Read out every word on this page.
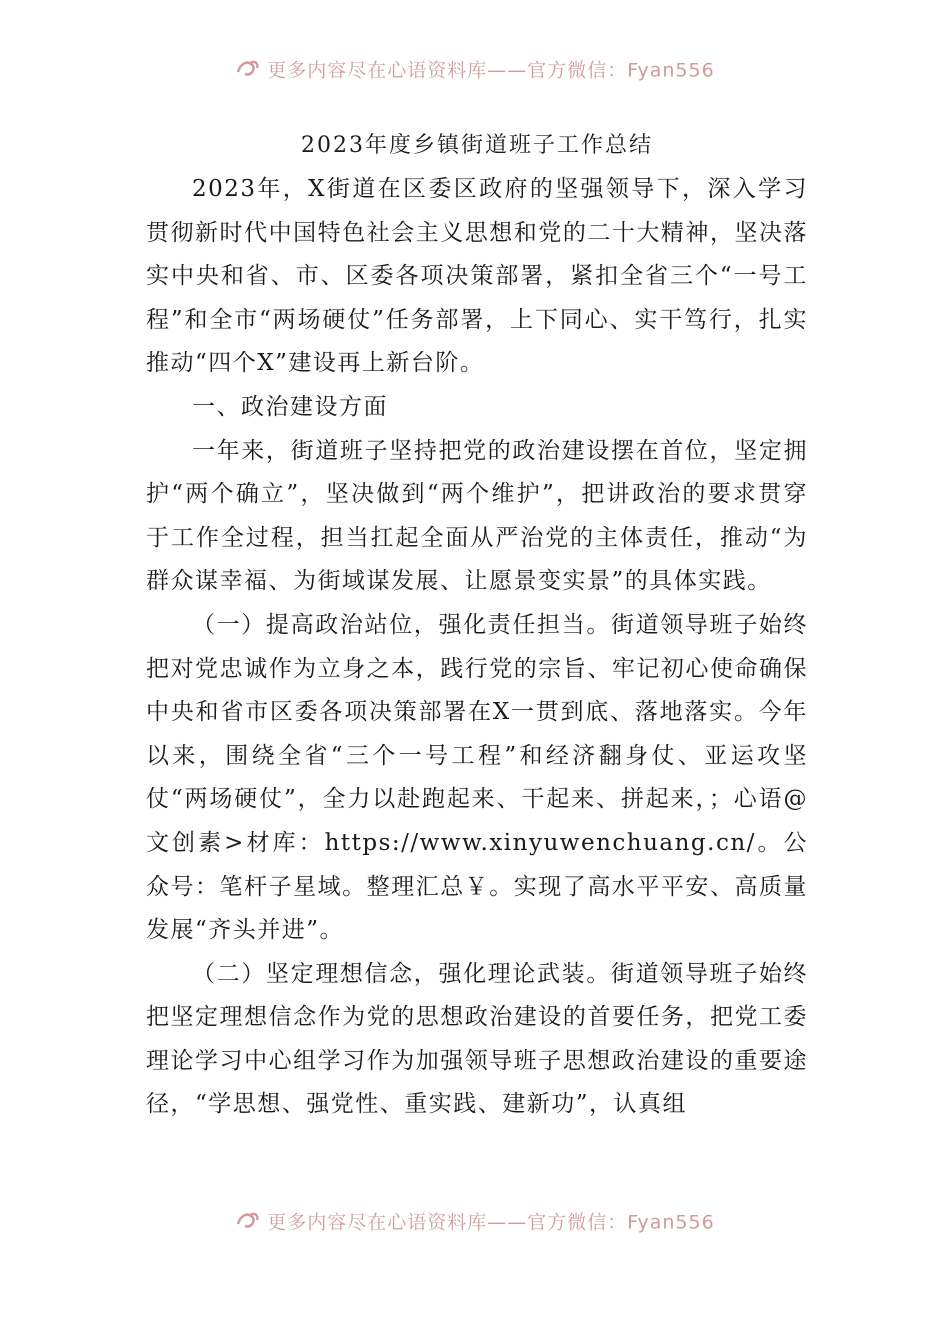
更多内容尽在心语资料库——官方微信：Fyan556
2023年度乡镇街道班子工作总结

2023年，X街道在区委区政府的坚强领导下，深入学习贯彻新时代中国特色社会主义思想和党的二十大精神，坚决落实中央和省、市、区委各项决策部署，紧扣全省三个“一号工程”和全市“两场硬仗”任务部署，上下同心、实干笃行，扎实推动“四个X”建设再上新台阶。

一、政治建设方面

一年来，街道班子坚持把党的政治建设摆在首位，坚定拥护“两个确立”，坚决做到“两个维护”，把讲政治的要求贯穿于工作全过程，担当扛起全面从严治党的主体责任，推动“为群众谋幸福、为街域谋发展、让愿景变实景”的具体实践。

（一）提高政治站位，强化责任担当。街道领导班子始终把对党忠诚作为立身之本，践行党的宗旨、牢记初心使命确保中央和省市区委各项决策部署在X一贯到底、落地落实。今年以来，围绕全省“三个一号工程”和经济翻身仗、亚运攻坚仗“两场硬仗”，全力以赴跑起来、干起来、拼起来，；心语@文创素>材库：https://www.xinyuwenchuang.cn/。公众号：笔杆子星域。整理汇总￥。实现了高水平平安、高质量发展“齐头并进”。

（二）坚定理想信念，强化理论武装。街道领导班子始终把坚定理想信念作为党的思想政治建设的首要任务，把党工委理论学习中心组学习作为加强领导班子思想政治建设的重要途径，“学思想、强党性、重实践、建新功”，认真组

更多内容尽在心语资料库——官方微信：Fyan556
